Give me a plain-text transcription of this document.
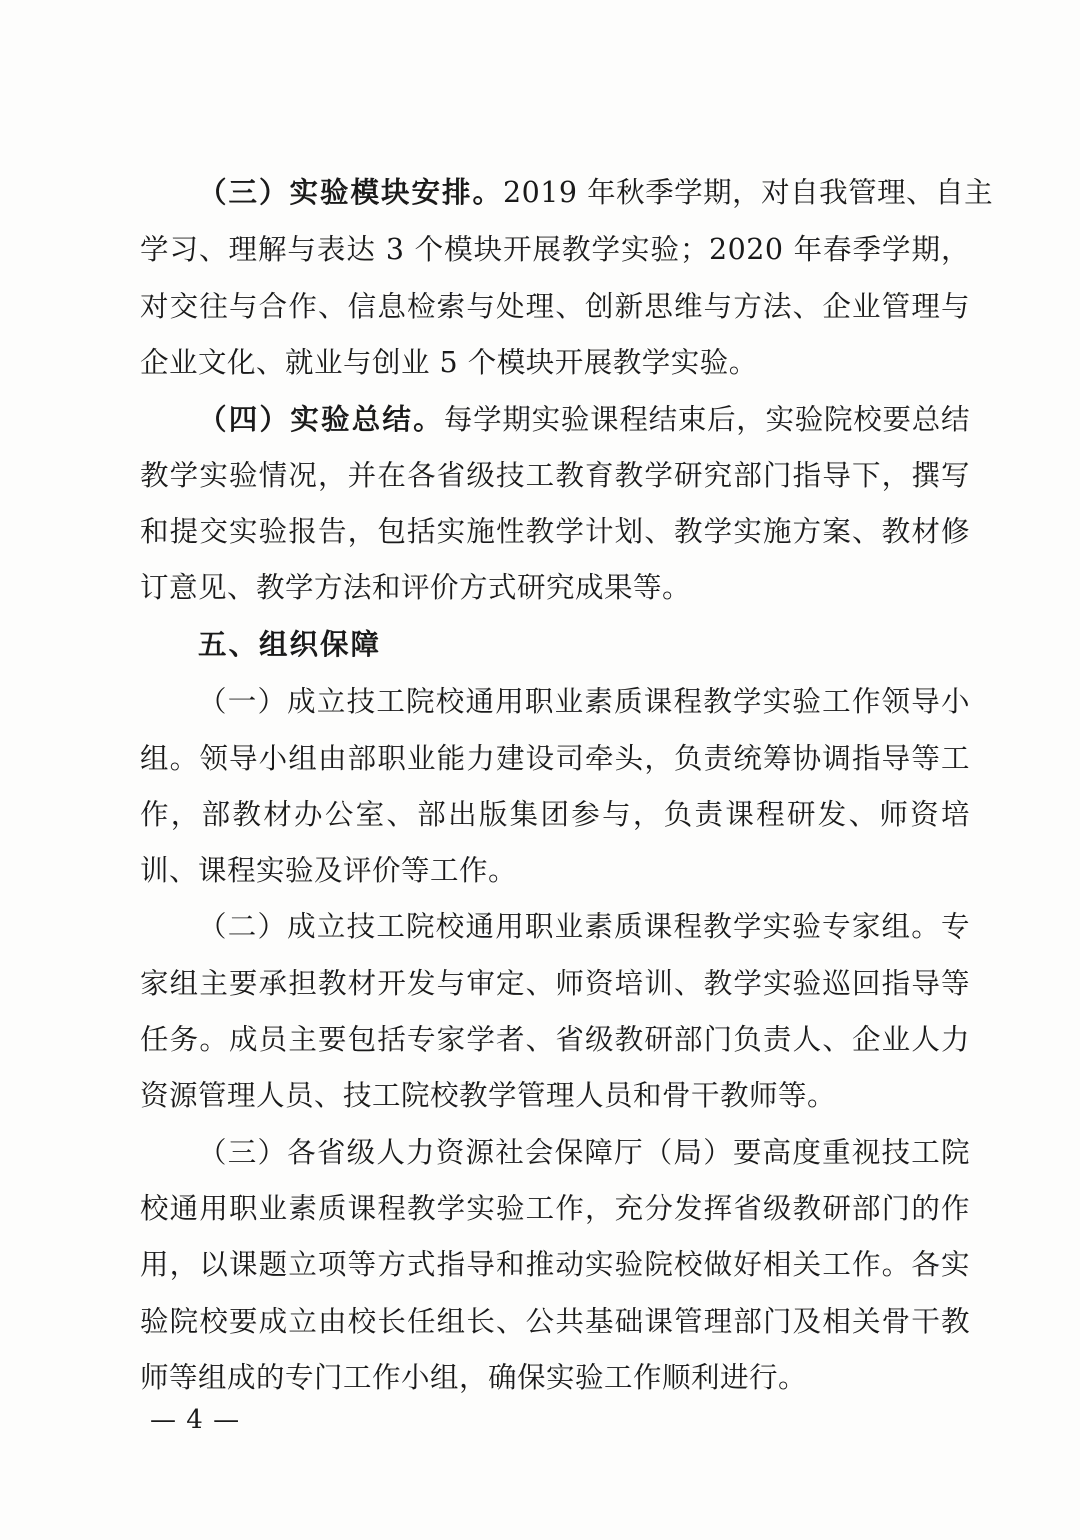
（三）实验模块安排。2019 年秋季学期，对自我管理、自主
学习、理解与表达 3 个模块开展教学实验；2020 年春季学期，
对交往与合作、信息检索与处理、创新思维与方法、企业管理与
企业文化、就业与创业 5 个模块开展教学实验。
（四）实验总结。每学期实验课程结束后，实验院校要总结
教学实验情况，并在各省级技工教育教学研究部门指导下，撰写
和提交实验报告，包括实施性教学计划、教学实施方案、教材修
订意见、教学方法和评价方式研究成果等。
五、组织保障
（一）成立技工院校通用职业素质课程教学实验工作领导小
组。领导小组由部职业能力建设司牵头，负责统筹协调指导等工
作，部教材办公室、部出版集团参与，负责课程研发、师资培
训、课程实验及评价等工作。
（二）成立技工院校通用职业素质课程教学实验专家组。专
家组主要承担教材开发与审定、师资培训、教学实验巡回指导等
任务。成员主要包括专家学者、省级教研部门负责人、企业人力
资源管理人员、技工院校教学管理人员和骨干教师等。
（三）各省级人力资源社会保障厅（局）要高度重视技工院
校通用职业素质课程教学实验工作，充分发挥省级教研部门的作
用，以课题立项等方式指导和推动实验院校做好相关工作。各实
验院校要成立由校长任组长、公共基础课管理部门及相关骨干教
师等组成的专门工作小组，确保实验工作顺利进行。
— 4 —
